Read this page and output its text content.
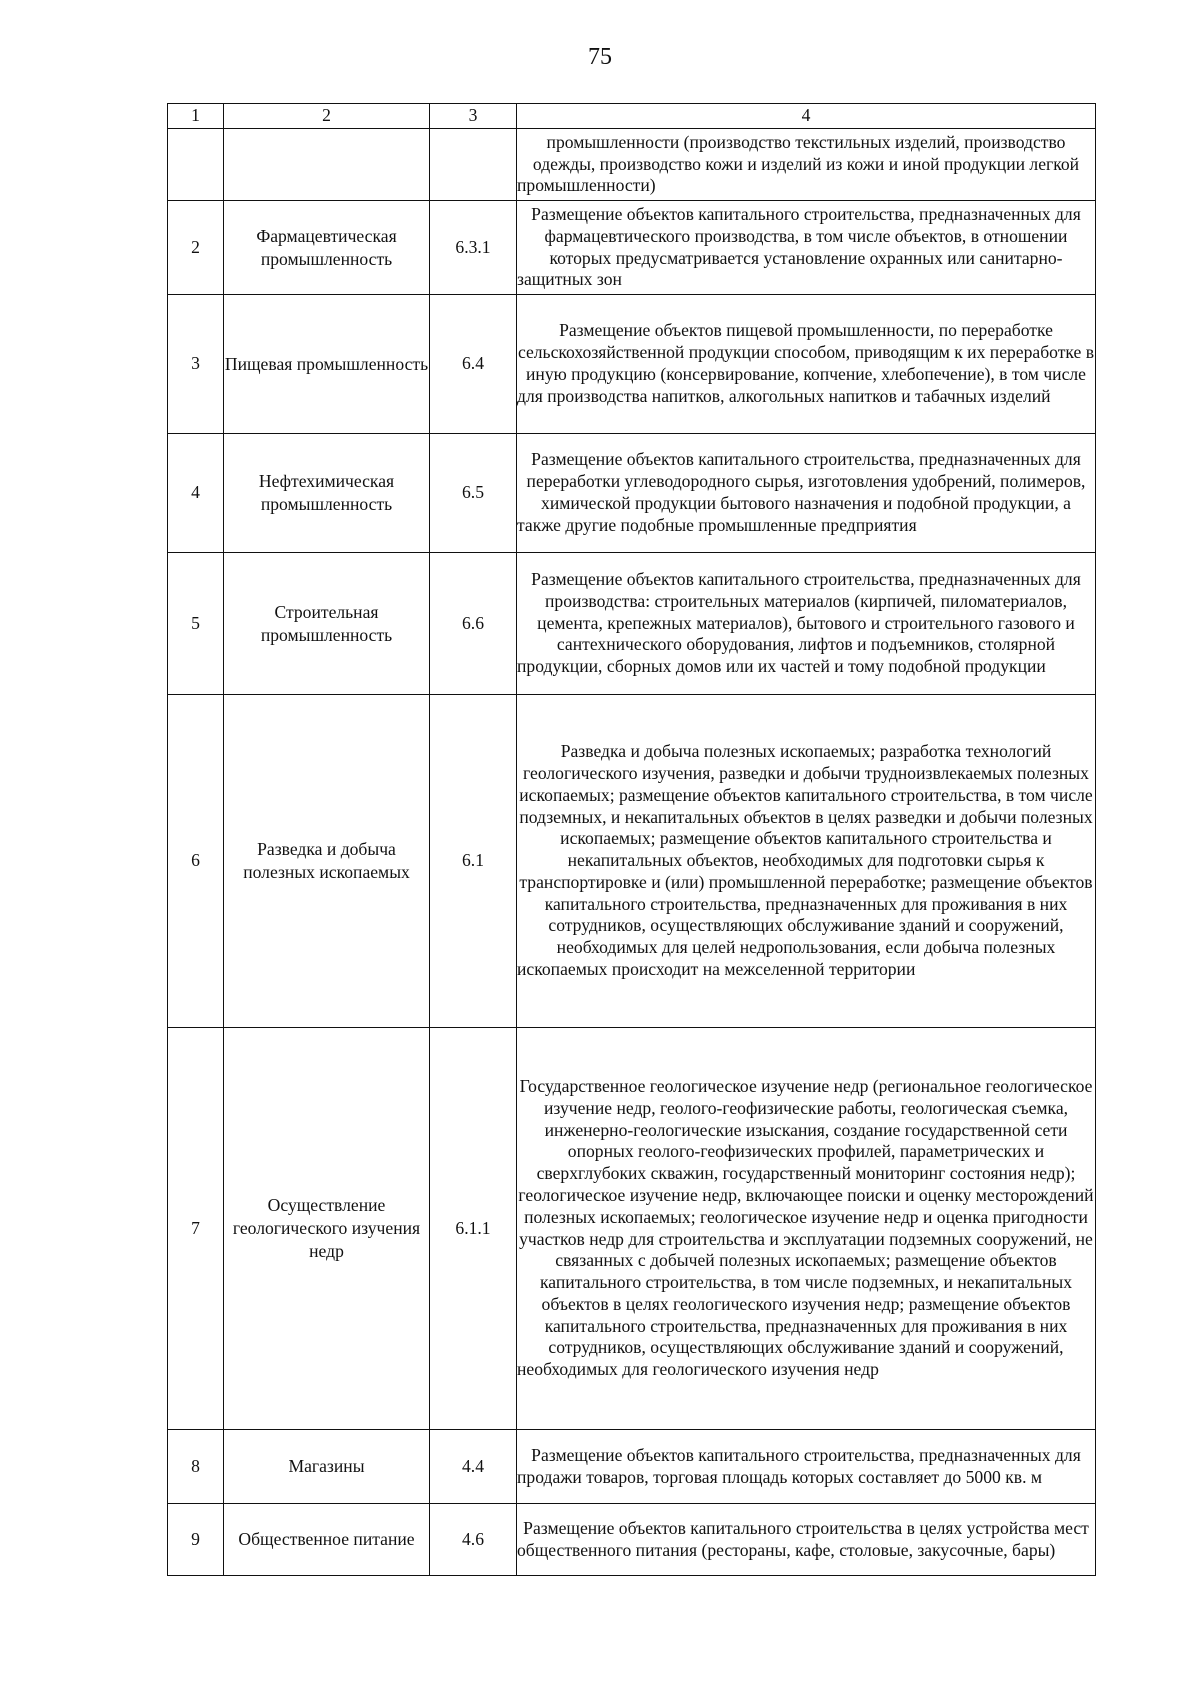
75
1	2	3	4
			промышленности (производство текстильных изделий, производство одежды, производство кожи и изделий из кожи и иной продукции легкой промышленности)
2	Фармацевтическая промышленность	6.3.1	Размещение объектов капитального строительства, предназначенных для фармацевтического производства, в том числе объектов, в отношении которых предусматривается установление охранных или санитарно-защитных зон
3	Пищевая промышленность	6.4	Размещение объектов пищевой промышленности, по переработке сельскохозяйственной продукции способом, приводящим к их переработке в иную продукцию (консервирование, копчение, хлебопечение), в том числе для производства напитков, алкогольных напитков и табачных изделий
4	Нефтехимическая промышленность	6.5	Размещение объектов капитального строительства, предназначенных для переработки углеводородного сырья, изготовления удобрений, полимеров, химической продукции бытового назначения и подобной продукции, а также другие подобные промышленные предприятия
5	Строительная промышленность	6.6	Размещение объектов капитального строительства, предназначенных для производства: строительных материалов (кирпичей, пиломатериалов, цемента, крепежных материалов), бытового и строительного газового и сантехнического оборудования, лифтов и подъемников, столярной продукции, сборных домов или их частей и тому подобной продукции
6	Разведка и добыча полезных ископаемых	6.1	Разведка и добыча полезных ископаемых; разработка технологий геологического изучения, разведки и добычи трудноизвлекаемых полезных ископаемых; размещение объектов капитального строительства, в том числе подземных, и некапитальных объектов в целях разведки и добычи полезных ископаемых; размещение объектов капитального строительства и некапитальных объектов, необходимых для подготовки сырья к транспортировке и (или) промышленной переработке; размещение объектов капитального строительства, предназначенных для проживания в них сотрудников, осуществляющих обслуживание зданий и сооружений, необходимых для целей недропользования, если добыча полезных ископаемых происходит на межселенной территории
7	Осуществление геологического изучения недр	6.1.1	Государственное геологическое изучение недр (региональное геологическое изучение недр, геолого-геофизические работы, геологическая съемка, инженерно-геологические изыскания, создание государственной сети опорных геолого-геофизических профилей, параметрических и сверхглубоких скважин, государственный мониторинг состояния недр); геологическое изучение недр, включающее поиски и оценку месторождений полезных ископаемых; геологическое изучение недр и оценка пригодности участков недр для строительства и эксплуатации подземных сооружений, не связанных с добычей полезных ископаемых; размещение объектов капитального строительства, в том числе подземных, и некапитальных объектов в целях геологического изучения недр; размещение объектов капитального строительства, предназначенных для проживания в них сотрудников, осуществляющих обслуживание зданий и сооружений, необходимых для геологического изучения недр
8	Магазины	4.4	Размещение объектов капитального строительства, предназначенных для продажи товаров, торговая площадь которых составляет до 5000 кв. м
9	Общественное питание	4.6	Размещение объектов капитального строительства в целях устройства мест общественного питания (рестораны, кафе, столовые, закусочные, бары)
